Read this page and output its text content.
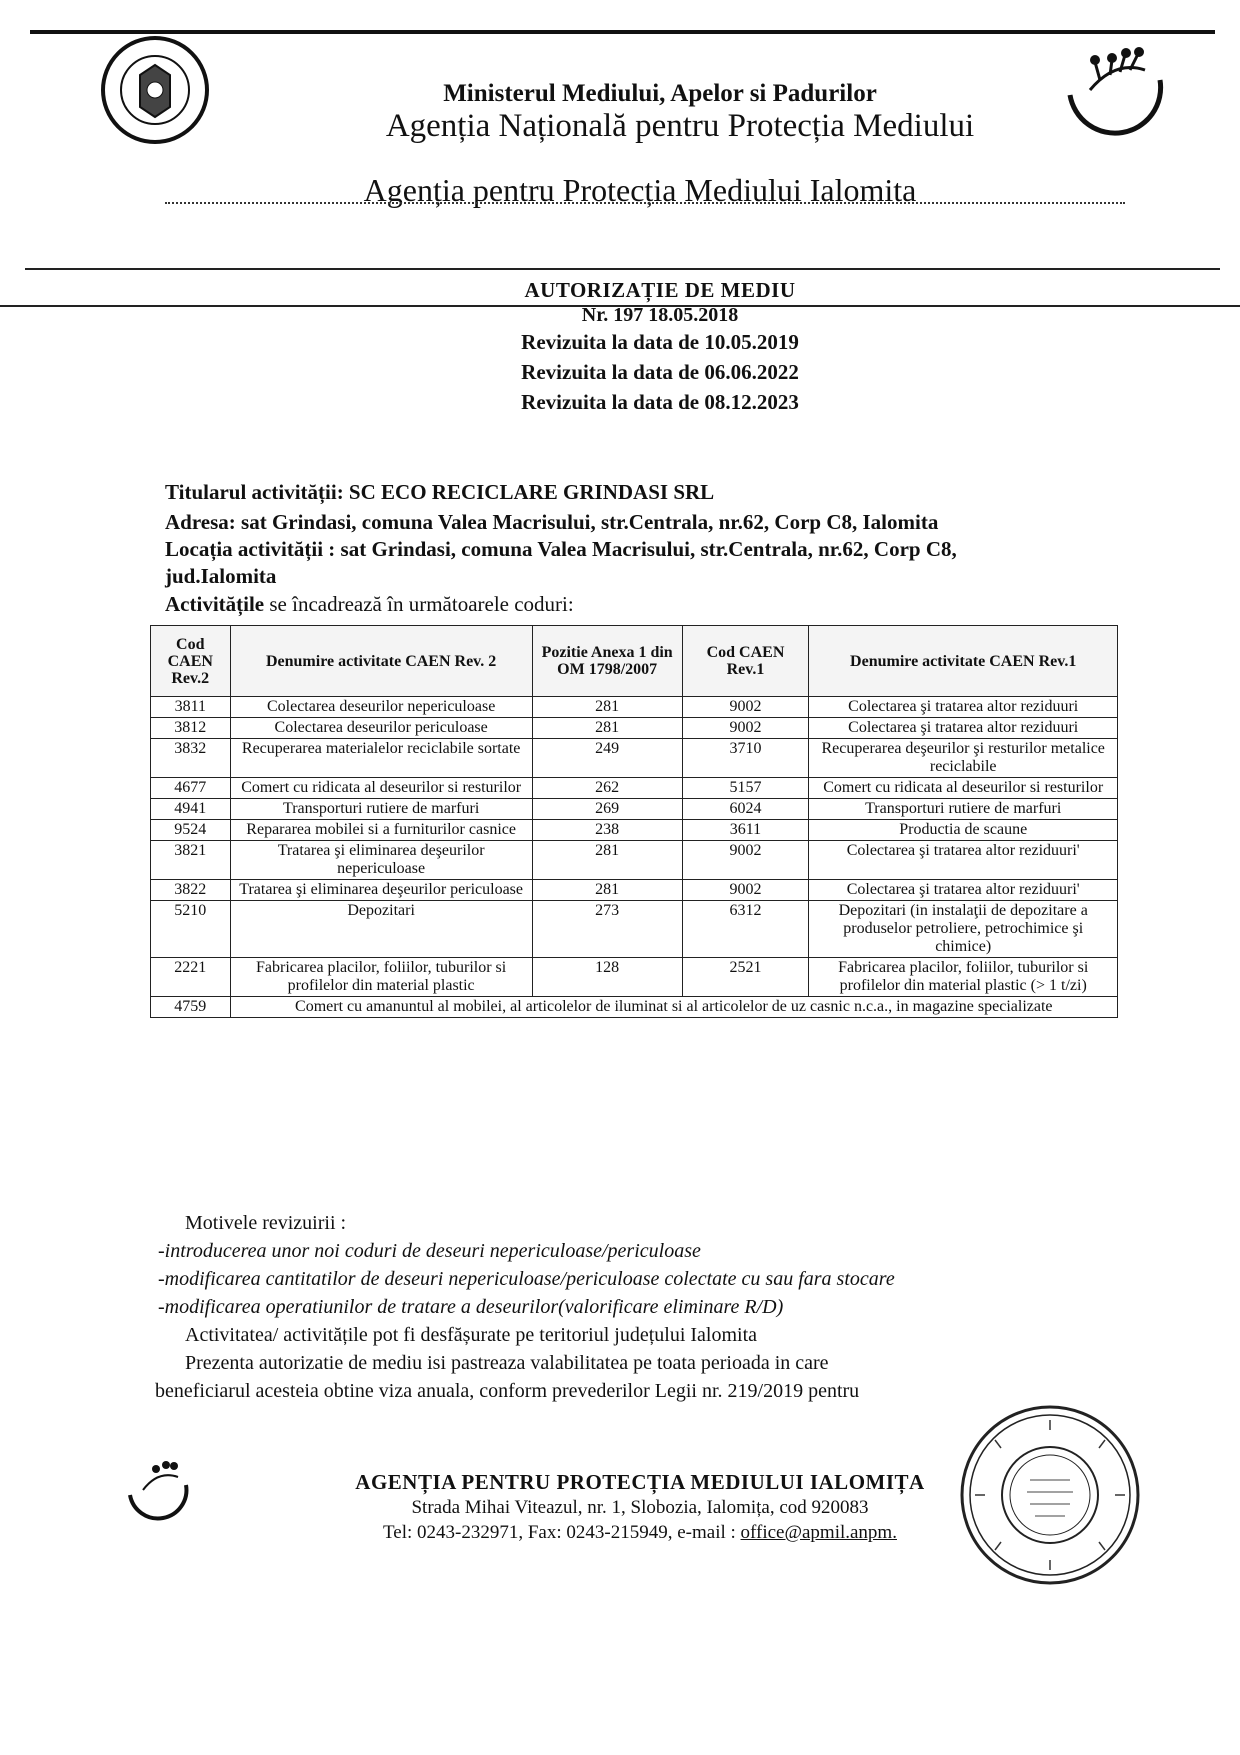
Ministerul Mediului, Apelor si Padurilor
Agenția Națională pentru Protecția Mediului
Agenția pentru Protecția Mediului Ialomita
AUTORIZAȚIE DE MEDIU
Nr. 197 18.05.2018
Revizuita la data de 10.05.2019
Revizuita la data de 06.06.2022
Revizuita la data de 08.12.2023
Titularul activității: SC ECO RECICLARE GRINDASI SRL
Adresa: sat Grindasi, comuna Valea Macrisului, str.Centrala, nr.62, Corp C8, Ialomita
Locația activității : sat Grindasi, comuna Valea Macrisului, str.Centrala, nr.62, Corp C8,
jud.Ialomita
Activitățile se încadrează în următoarele coduri:
Cod CAEN Rev.2	Denumire activitate CAEN Rev. 2	Pozitie Anexa 1 din OM 1798/2007	Cod CAEN Rev.1	Denumire activitate CAEN Rev.1
3811	Colectarea deseurilor nepericuloase	281	9002	Colectarea şi tratarea altor reziduuri
3812	Colectarea deseurilor periculoase	281	9002	Colectarea şi tratarea altor reziduuri
3832	Recuperarea materialelor reciclabile sortate	249	3710	Recuperarea deşeurilor şi resturilor metalice reciclabile
4677	Comert cu ridicata al deseurilor si resturilor	262	5157	Comert cu ridicata al deseurilor si resturilor
4941	Transporturi rutiere de marfuri	269	6024	Transporturi rutiere de marfuri
9524	Repararea mobilei si a furniturilor casnice	238	3611	Productia de scaune
3821	Tratarea şi eliminarea deşeurilor nepericuloase	281	9002	Colectarea şi tratarea altor reziduuri'
3822	Tratarea şi eliminarea deşeurilor periculoase	281	9002	Colectarea şi tratarea altor reziduuri'
5210	Depozitari	273	6312	Depozitari (in instalaţii de depozitare a produselor petroliere, petrochimice şi chimice)
2221	Fabricarea placilor, foliilor, tuburilor si profilelor din material plastic	128	2521	Fabricarea placilor, foliilor, tuburilor si profilelor din material plastic (> 1 t/zi)
4759	Comert cu amanuntul al mobilei, al articolelor de iluminat si al articolelor de uz casnic n.c.a., in magazine specializate			
Motivele revizuirii :
-introducerea unor noi coduri de deseuri nepericuloase/periculoase
-modificarea cantitatilor de deseuri nepericuloase/periculoase colectate cu sau fara stocare
-modificarea operatiunilor de tratare a deseurilor(valorificare eliminare R/D)
Activitatea/ activitățile pot fi desfășurate pe teritoriul județului Ialomita
Prezenta autorizatie de mediu isi pastreaza valabilitatea pe toata perioada in care
beneficiarul acesteia obtine viza anuala, conform prevederilor Legii nr. 219/2019 pentru
AGENȚIA PENTRU PROTECȚIA MEDIULUI IALOMIȚA
Strada Mihai Viteazul, nr. 1, Slobozia, Ialomița, cod 920083
Tel: 0243-232971, Fax: 0243-215949, e-mail : office@apmil.anpm.
